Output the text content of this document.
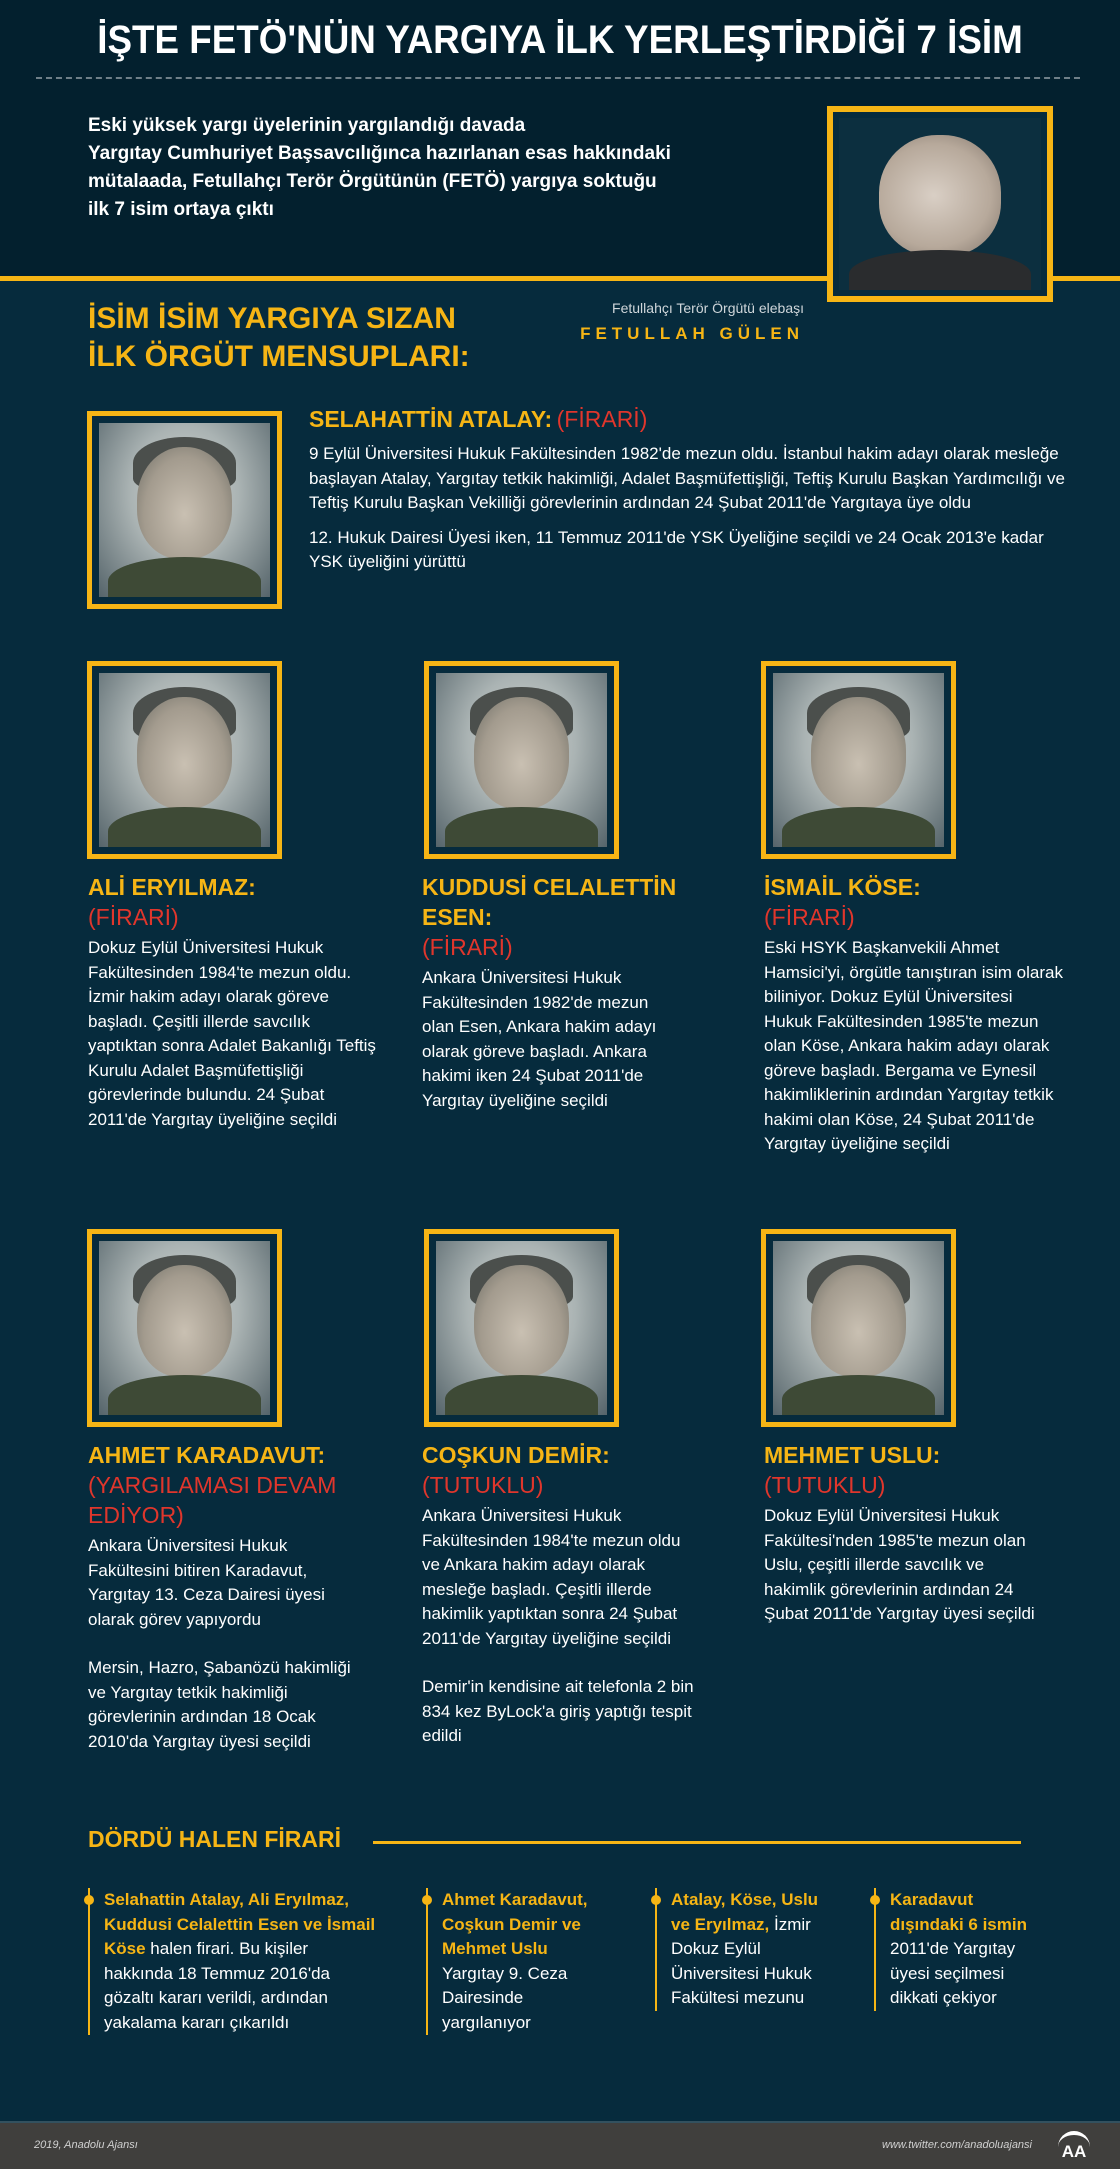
İŞTE FETÖ'NÜN YARGIYA İLK YERLEŞTİRDİĞİ 7 İSİM
Eski yüksek yargı üyelerinin yargılandığı davada
Yargıtay Cumhuriyet Başsavcılığınca hazırlanan esas hakkındaki
mütalaada, Fetullahçı Terör Örgütünün (FETÖ) yargıya soktuğu
ilk 7 isim ortaya çıktı
İSİM İSİM YARGIYA SIZAN
İLK ÖRGÜT MENSUPLARI:
Fetullahçı Terör Örgütü elebaşı
FETULLAH GÜLEN
SELAHATTİN ATALAY: (FİRARİ)

9 Eylül Üniversitesi Hukuk Fakültesinden 1982'de mezun oldu. İstanbul hakim adayı olarak mesleğe başlayan Atalay, Yargıtay tetkik hakimliği, Adalet Başmüfettişliği, Teftiş Kurulu Başkan Yardımcılığı ve Teftiş Kurulu Başkan Vekilliği görevlerinin ardından 24 Şubat 2011'de Yargıtaya üye oldu

12. Hukuk Dairesi Üyesi iken, 11 Temmuz 2011'de YSK Üyeliğine seçildi ve 24 Ocak 2013'e kadar YSK üyeliğini yürüttü

ALİ ERYILMAZ:
(FİRARİ)

Dokuz Eylül Üniversitesi Hukuk Fakültesinden 1984'te mezun oldu. İzmir hakim adayı olarak göreve başladı. Çeşitli illerde savcılık yaptıktan sonra Adalet Bakanlığı Teftiş Kurulu Adalet Başmüfettişliği görevlerinde bulundu. 24 Şubat 2011'de Yargıtay üyeliğine seçildi

KUDDUSİ CELALETTİN ESEN:
(FİRARİ)

Ankara Üniversitesi Hukuk Fakültesinden 1982'de mezun olan Esen, Ankara hakim adayı olarak göreve başladı. Ankara hakimi iken 24 Şubat 2011'de Yargıtay üyeliğine seçildi

İSMAİL KÖSE:
(FİRARİ)

Eski HSYK Başkanvekili Ahmet Hamsici'yi, örgütle tanıştıran isim olarak biliniyor. Dokuz Eylül Üniversitesi Hukuk Fakültesinden 1985'te mezun olan Köse, Ankara hakim adayı olarak göreve başladı. Bergama ve Eynesil hakimliklerinin ardından Yargıtay tetkik hakimi olan Köse, 24 Şubat 2011'de Yargıtay üyeliğine seçildi

AHMET KARADAVUT:
(YARGILAMASI DEVAM EDİYOR)

Ankara Üniversitesi Hukuk Fakültesini bitiren Karadavut, Yargıtay 13. Ceza Dairesi üyesi olarak görev yapıyordu

Mersin, Hazro, Şabanözü hakimliği ve Yargıtay tetkik hakimliği görevlerinin ardından 18 Ocak 2010'da Yargıtay üyesi seçildi

COŞKUN DEMİR:
(TUTUKLU)

Ankara Üniversitesi Hukuk Fakültesinden 1984'te mezun oldu ve Ankara hakim adayı olarak mesleğe başladı. Çeşitli illerde hakimlik yaptıktan sonra 24 Şubat 2011'de Yargıtay üyeliğine seçildi

Demir'in kendisine ait telefonla 2 bin 834 kez ByLock'a giriş yaptığı tespit edildi

MEHMET USLU:
(TUTUKLU)

Dokuz Eylül Üniversitesi Hukuk Fakültesi'nden 1985'te mezun olan Uslu, çeşitli illerde savcılık ve hakimlik görevlerinin ardından 24 Şubat 2011'de Yargıtay üyesi seçildi

DÖRDÜ HALEN FİRARİ
Selahattin Atalay, Ali Eryılmaz, Kuddusi Celalettin Esen ve İsmail Köse halen firari. Bu kişiler hakkında 18 Temmuz 2016'da gözaltı kararı verildi, ardından yakalama kararı çıkarıldı
Ahmet Karadavut, Coşkun Demir ve Mehmet Uslu Yargıtay 9. Ceza Dairesinde yargılanıyor
Atalay, Köse, Uslu ve Eryılmaz, İzmir Dokuz Eylül Üniversitesi Hukuk Fakültesi mezunu
Karadavut dışındaki 6 ismin 2011'de Yargıtay üyesi seçilmesi dikkati çekiyor
2019, Anadolu Ajansı	www.twitter.com/anadoluajansi AA
